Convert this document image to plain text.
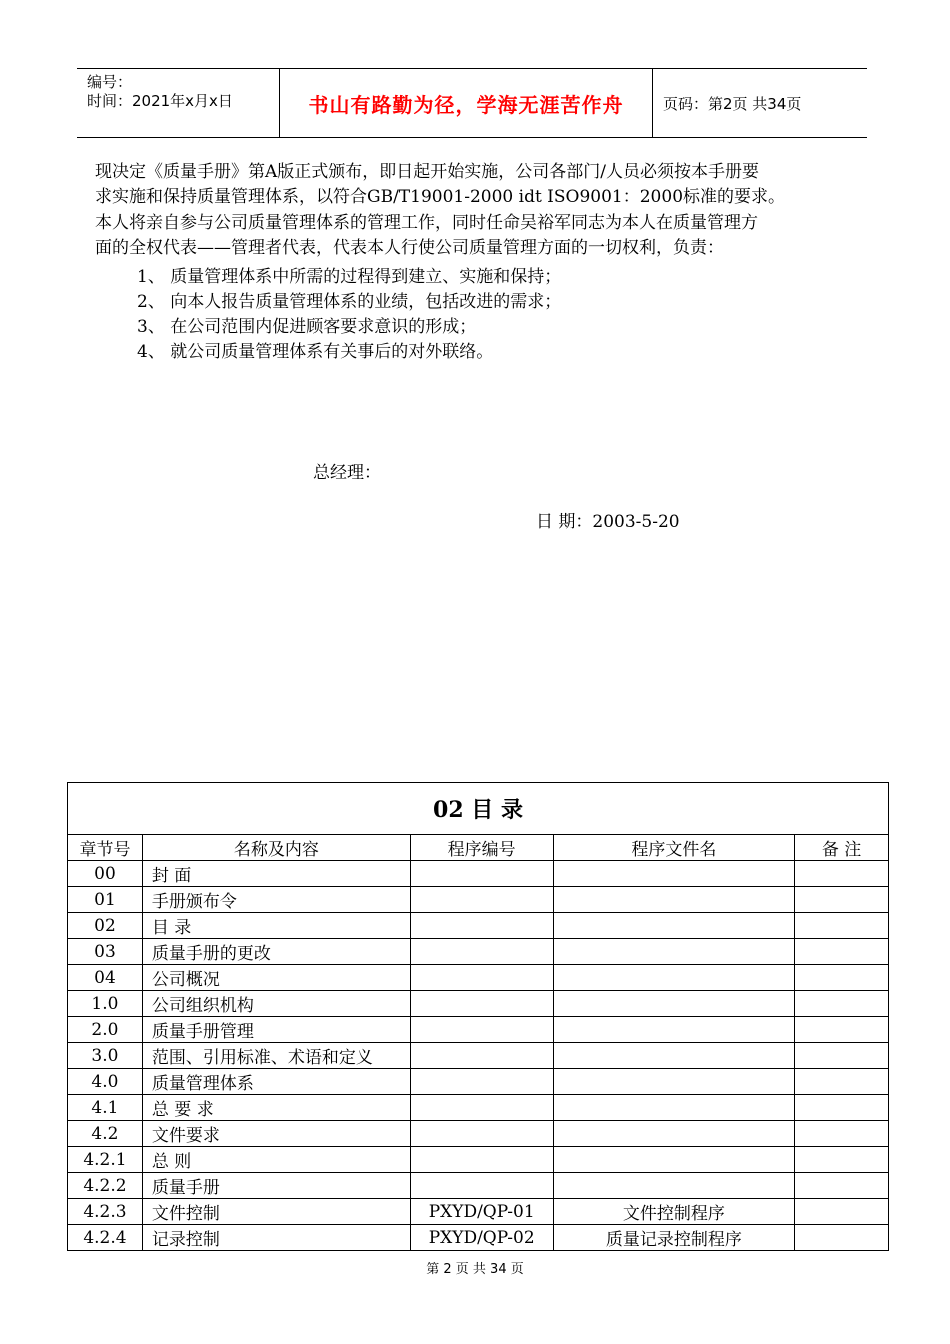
编号：
时间：2021年x月x日	书山有路勤为径，学海无涯苦作舟	页码：第2页 共34页
现决定《质量手册》第A版正式颁布，即日起开始实施，公司各部门/人员必须按本手册要
求实施和保持质量管理体系，以符合GB/T19001-2000 idt ISO9001：2000标准的要求。
本人将亲自参与公司质量管理体系的管理工作，同时任命吴裕军同志为本人在质量管理方
面的全权代表——管理者代表，代表本人行使公司质量管理方面的一切权利，负责：
1、 质量管理体系中所需的过程得到建立、实施和保持；
2、 向本人报告质量管理体系的业绩，包括改进的需求；
3、 在公司范围内促进顾客要求意识的形成；
4、 就公司质量管理体系有关事后的对外联络。
总经理：
日 期：2003-5-20
02 目 录				
章节号	名称及内容	程序编号	程序文件名	备 注
00	封 面			
01	手册颁布令			
02	目 录			
03	质量手册的更改			
04	公司概况			
1.0	公司组织机构			
2.0	质量手册管理			
3.0	范围、引用标准、术语和定义			
4.0	质量管理体系			
4.1	总 要 求			
4.2	文件要求			
4.2.1	总 则			
4.2.2	质量手册			
4.2.3	文件控制	PXYD/QP-01	文件控制程序	
4.2.4	记录控制	PXYD/QP-02	质量记录控制程序	
第 2 页 共 34 页
